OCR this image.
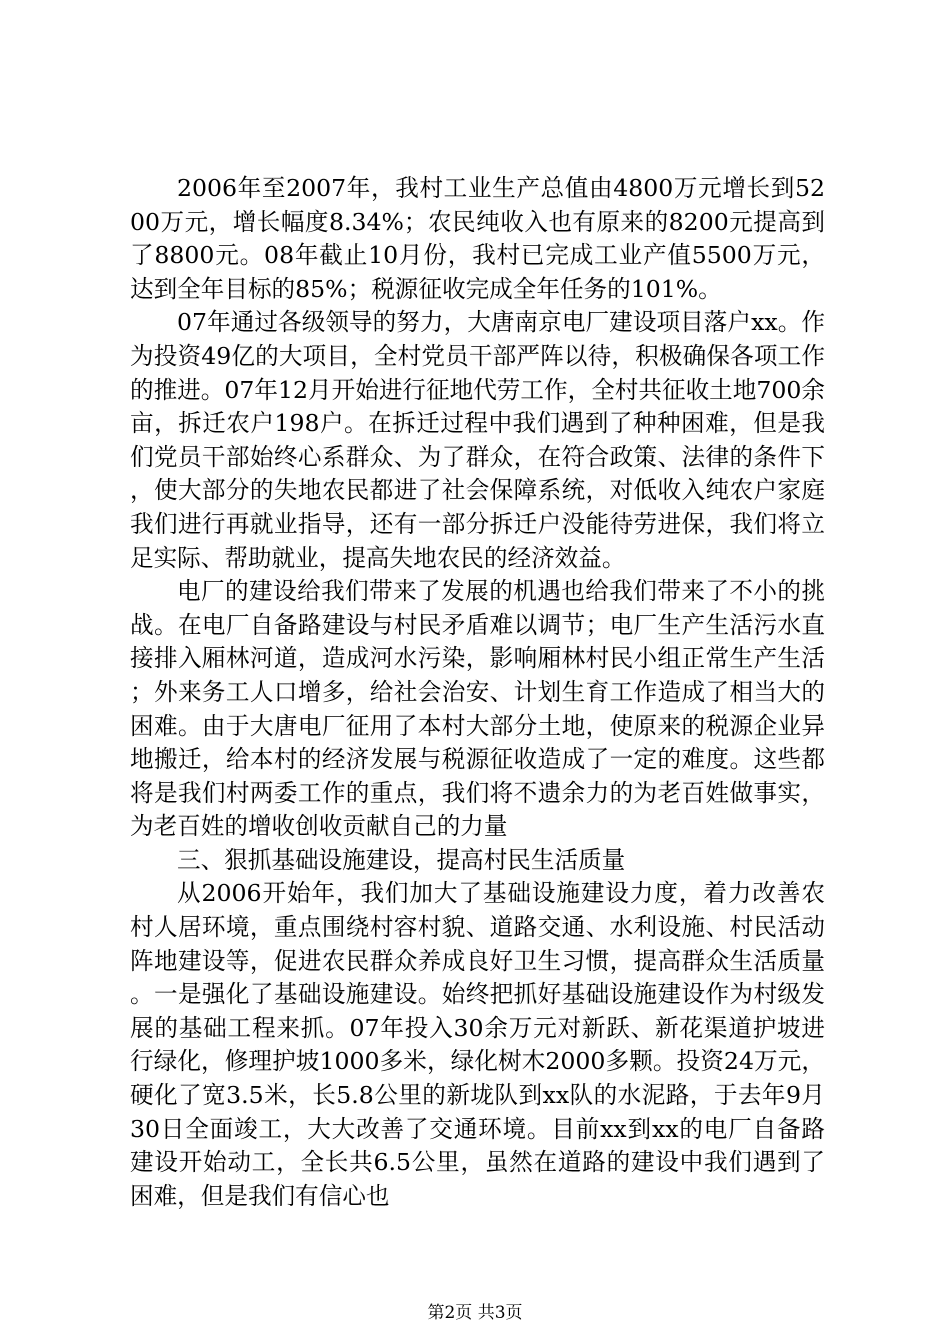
2006年至2007年，我村工业生产总值由4800万元增长到5200万元，增长幅度8.34%；农民纯收入也有原来的8200元提高到了8800元。08年截止10月份，我村已完成工业产值5500万元，达到全年目标的85%；税源征收完成全年任务的101%。

07年通过各级领导的努力，大唐南京电厂建设项目落户xx。作为投资49亿的大项目，全村党员干部严阵以待，积极确保各项工作的推进。07年12月开始进行征地代劳工作，全村共征收土地700余亩，拆迁农户198户。在拆迁过程中我们遇到了种种困难，但是我们党员干部始终心系群众、为了群众，在符合政策、法律的条件下，使大部分的失地农民都进了社会保障系统，对低收入纯农户家庭我们进行再就业指导，还有一部分拆迁户没能待劳进保，我们将立足实际、帮助就业，提高失地农民的经济效益。

电厂的建设给我们带来了发展的机遇也给我们带来了不小的挑战。在电厂自备路建设与村民矛盾难以调节；电厂生产生活污水直接排入厢林河道，造成河水污染，影响厢林村民小组正常生产生活；外来务工人口增多，给社会治安、计划生育工作造成了相当大的困难。由于大唐电厂征用了本村大部分土地，使原来的税源企业异地搬迁，给本村的经济发展与税源征收造成了一定的难度。这些都将是我们村两委工作的重点，我们将不遗余力的为老百姓做事实，为老百姓的增收创收贡献自己的力量

三、狠抓基础设施建设，提高村民生活质量

从2006开始年，我们加大了基础设施建设力度，着力改善农村人居环境，重点围绕村容村貌、道路交通、水利设施、村民活动阵地建设等，促进农民群众养成良好卫生习惯，提高群众生活质量。一是强化了基础设施建设。始终把抓好基础设施建设作为村级发展的基础工程来抓。07年投入30余万元对新跃、新花渠道护坡进行绿化，修理护坡1000多米，绿化树木2000多颗。投资24万元，硬化了宽3.5米，长5.8公里的新垅队到xx队的水泥路，于去年9月30日全面竣工，大大改善了交通环境。目前xx到xx的电厂自备路建设开始动工，全长共6.5公里，虽然在道路的建设中我们遇到了困难，但是我们有信心也

第2页 共3页
